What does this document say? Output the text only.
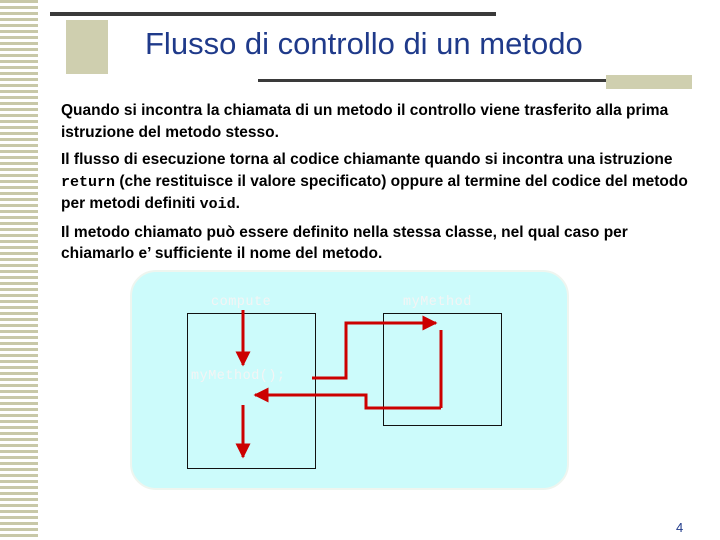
Flusso di controllo di un metodo

Quando si incontra la chiamata di un metodo il controllo viene trasferito alla prima istruzione del metodo stesso.

Il flusso di esecuzione torna al codice chiamante quando si incontra una istruzione return (che restituisce il valore specificato) oppure al termine del codice del metodo per metodi definiti void.

Il metodo chiamato può essere definito nella stessa classe, nel qual caso per chiamarlo e’ sufficiente il nome del metodo.

compute	myMethod
myMethod();
4
